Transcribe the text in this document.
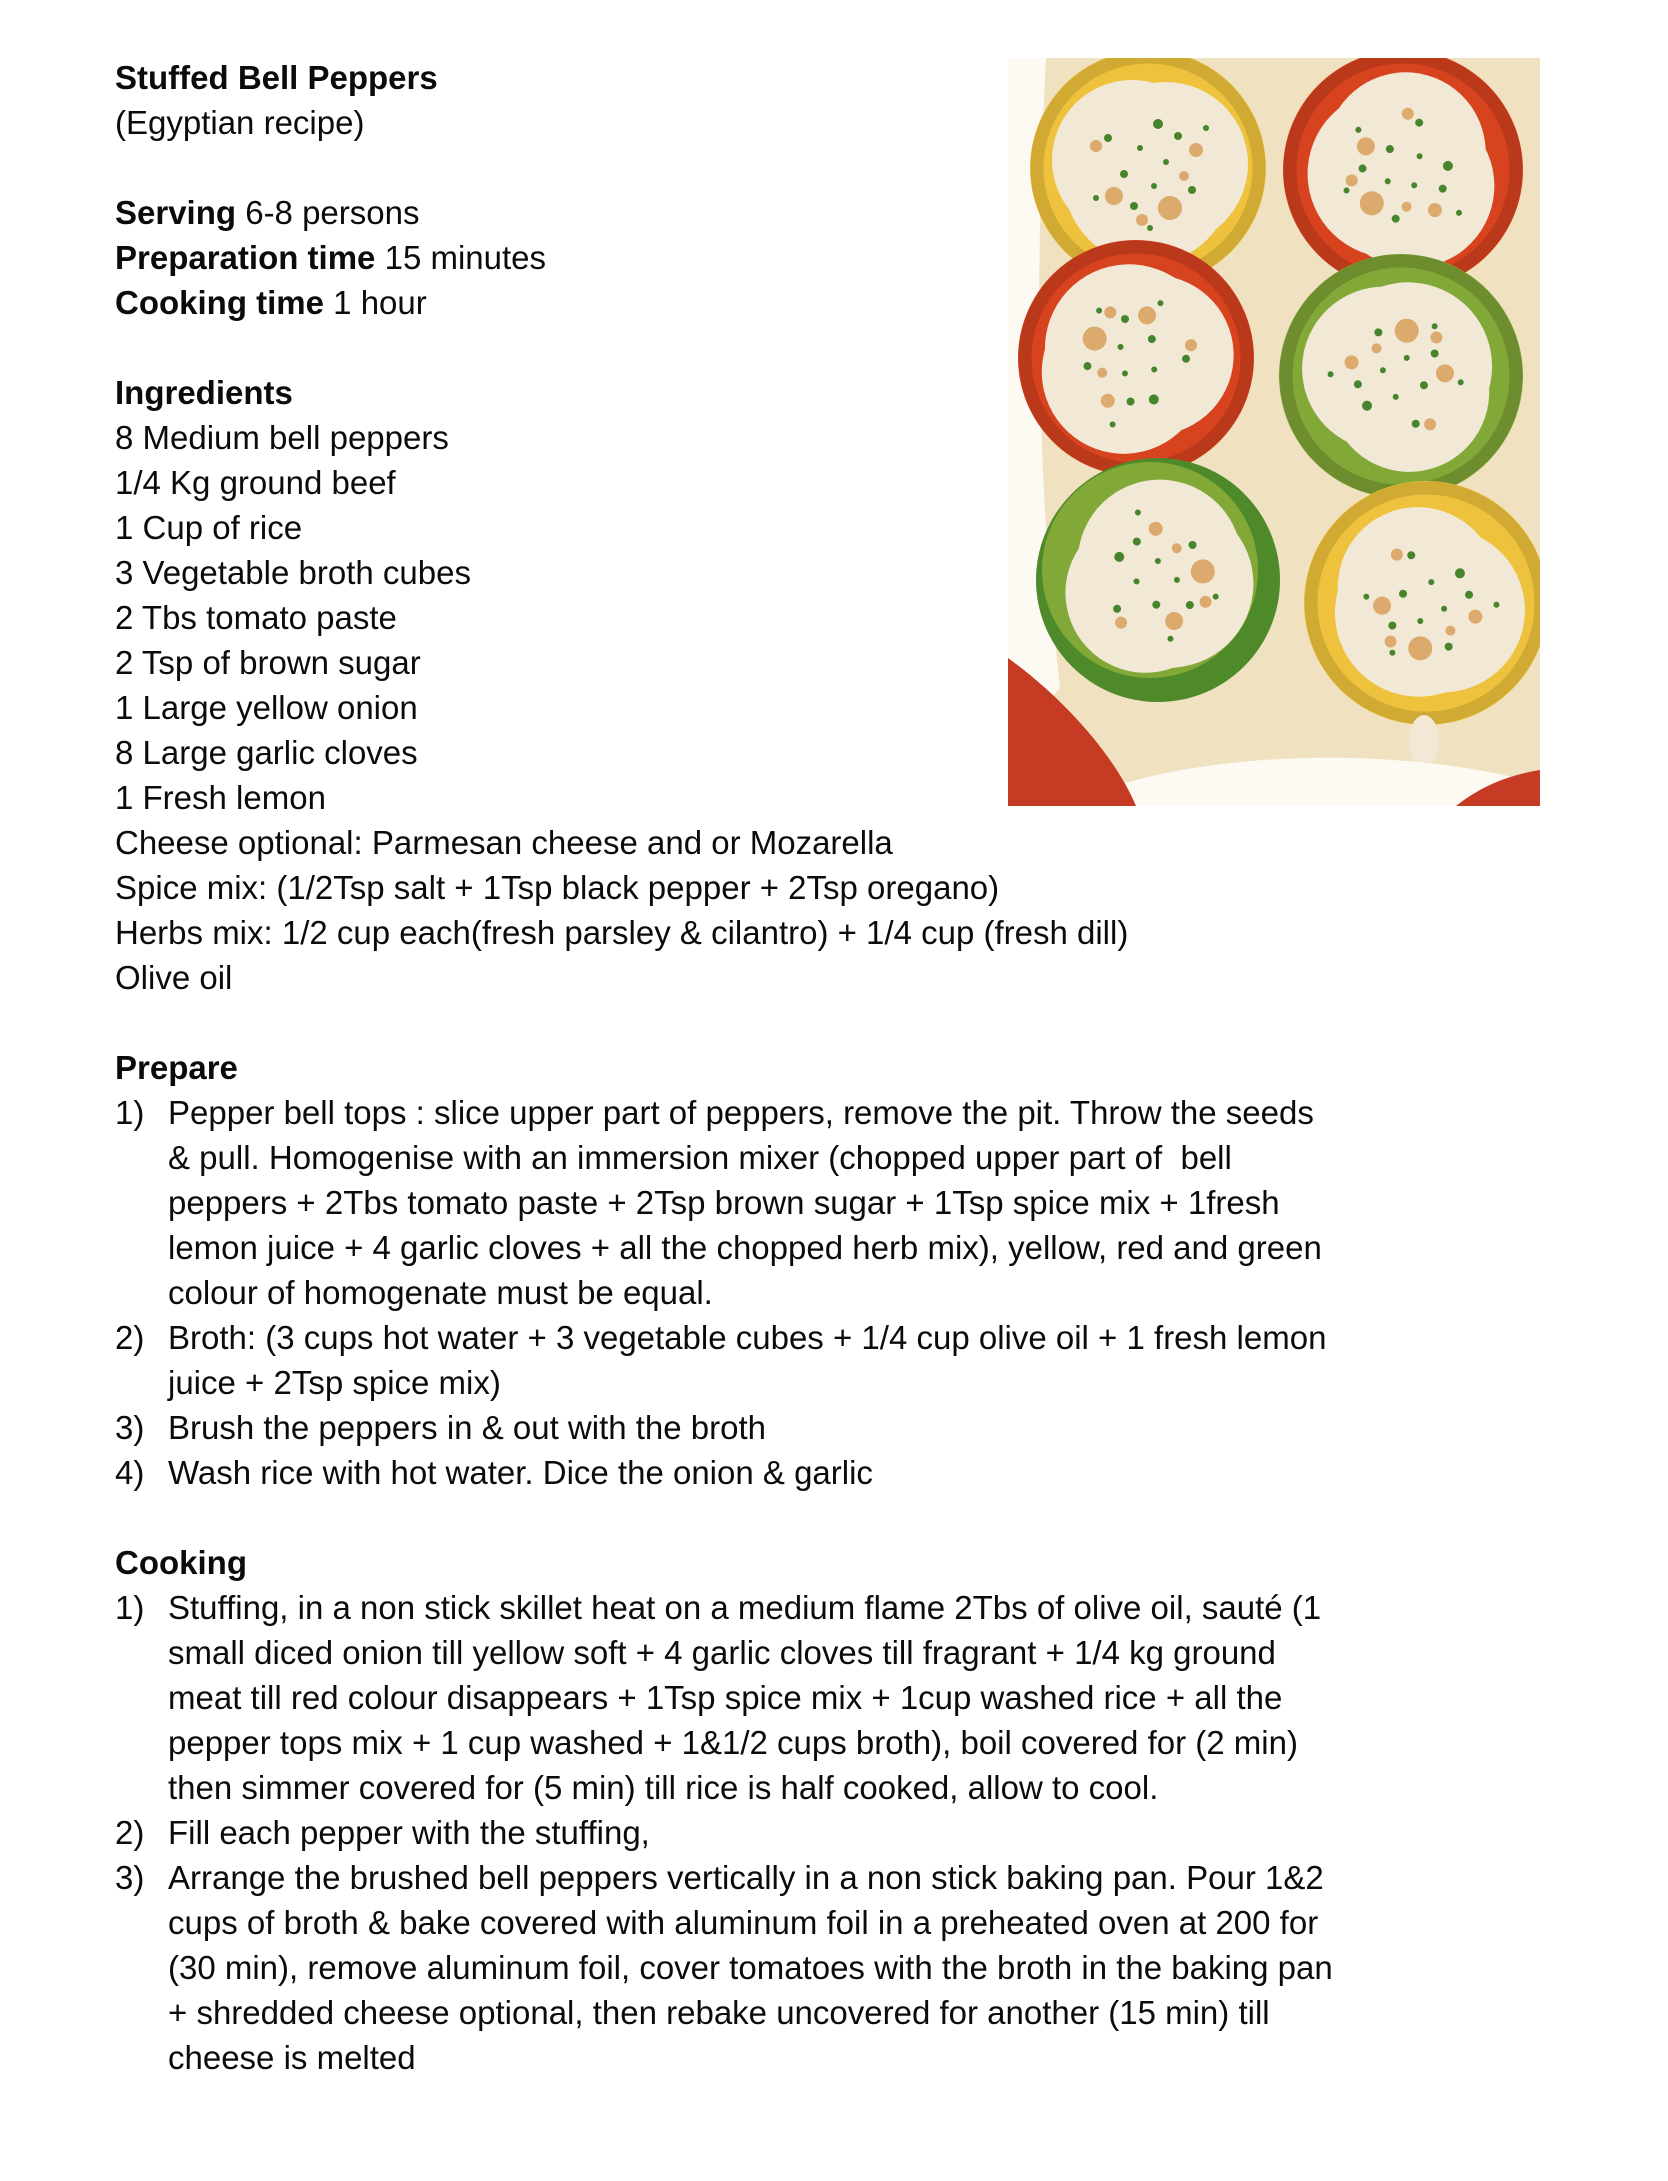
Stuffed Bell Peppers
(Egyptian recipe)
Serving 6-8 persons
Preparation time 15 minutes
Cooking time 1 hour
Ingredients
8 Medium bell peppers
1/4 Kg ground beef
1 Cup of rice
3 Vegetable broth cubes
2 Tbs tomato paste
2 Tsp of brown sugar
1 Large yellow onion
8 Large garlic cloves
1 Fresh lemon
Cheese optional: Parmesan cheese and or Mozarella
Spice mix: (1/2Tsp salt + 1Tsp black pepper + 2Tsp oregano)
Herbs mix: 1/2 cup each(fresh parsley & cilantro) + 1/4 cup (fresh dill)
Olive oil
Prepare
1) Pepper bell tops : slice upper part of peppers, remove the pit. Throw the seeds
& pull. Homogenise with an immersion mixer (chopped upper part of  bell
peppers + 2Tbs tomato paste + 2Tsp brown sugar + 1Tsp spice mix + 1fresh
lemon juice + 4 garlic cloves + all the chopped herb mix), yellow, red and green
colour of homogenate must be equal.
2) Broth: (3 cups hot water + 3 vegetable cubes + 1/4 cup olive oil + 1 fresh lemon
juice + 2Tsp spice mix)
3) Brush the peppers in & out with the broth
4) Wash rice with hot water. Dice the onion & garlic
Cooking
1) Stuffing, in a non stick skillet heat on a medium flame 2Tbs of olive oil, sauté (1
small diced onion till yellow soft + 4 garlic cloves till fragrant + 1/4 kg ground
meat till red colour disappears + 1Tsp spice mix + 1cup washed rice + all the
pepper tops mix + 1 cup washed + 1&1/2 cups broth), boil covered for (2 min)
then simmer covered for (5 min) till rice is half cooked, allow to cool.
2) Fill each pepper with the stuffing,
3) Arrange the brushed bell peppers vertically in a non stick baking pan. Pour 1&2
cups of broth & bake covered with aluminum foil in a preheated oven at 200 for
(30 min), remove aluminum foil, cover tomatoes with the broth in the baking pan
+ shredded cheese optional, then rebake uncovered for another (15 min) till
cheese is melted
